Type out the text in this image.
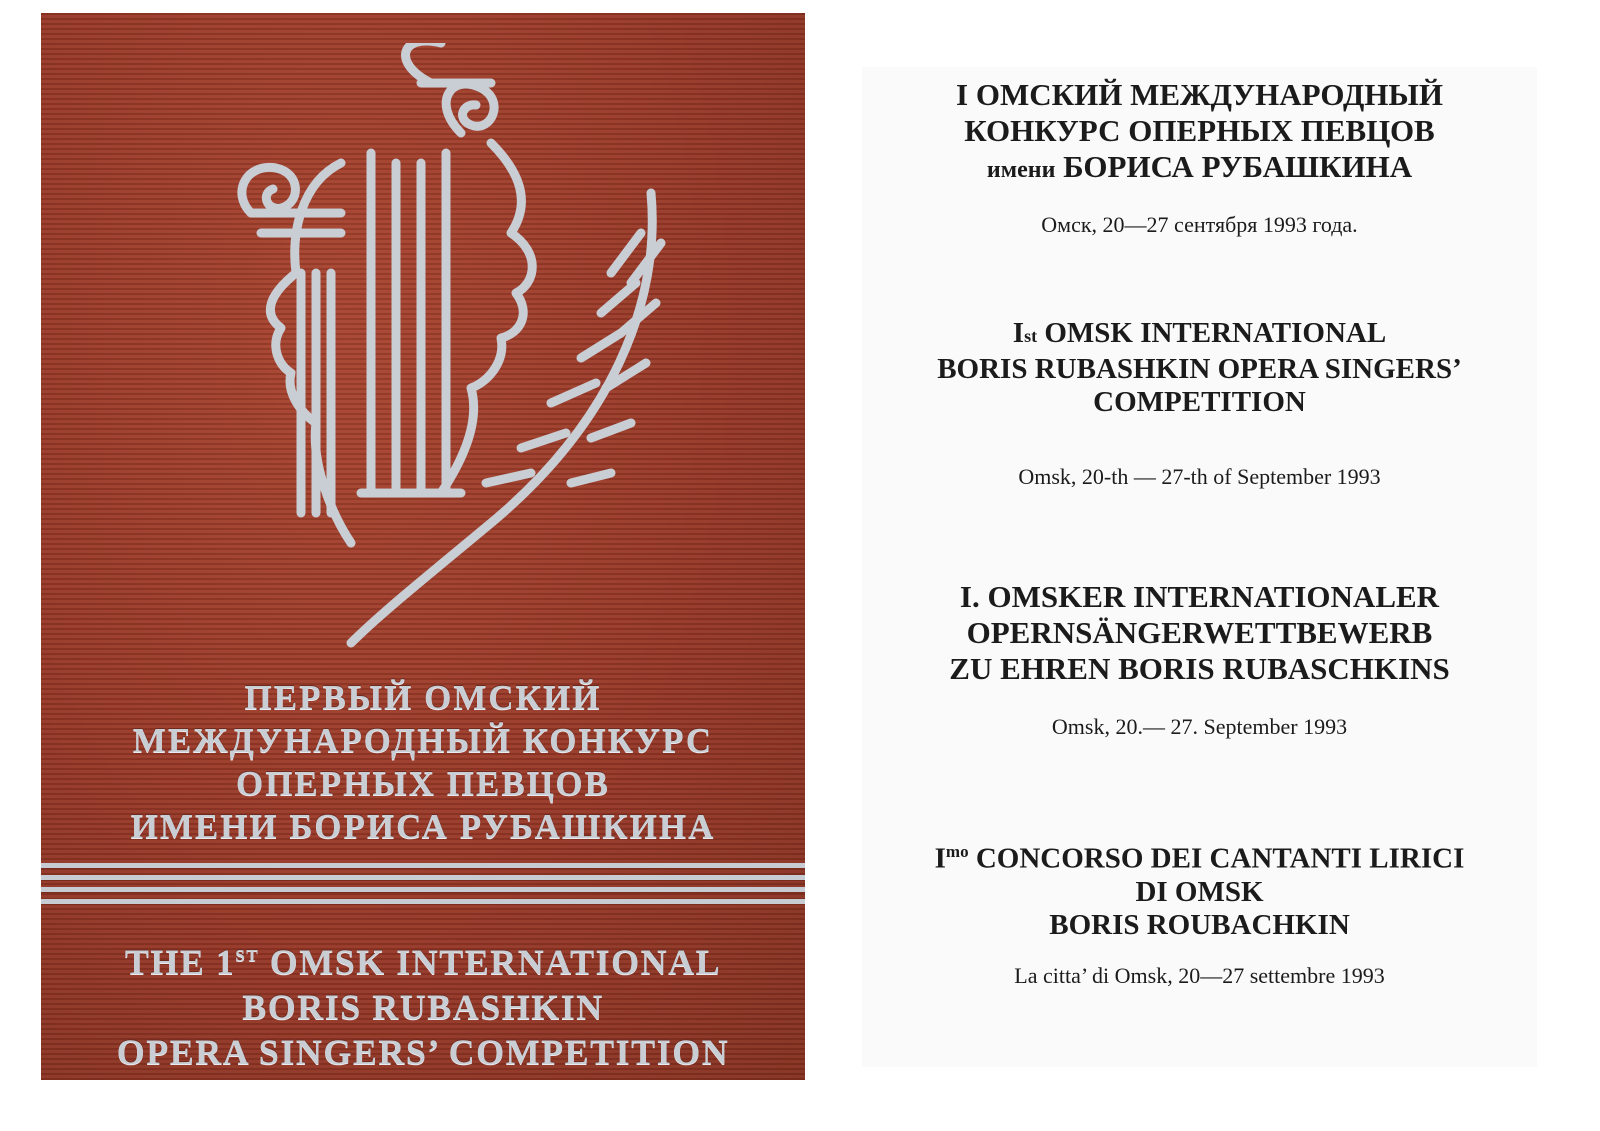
ПЕРВЫЙ ОМСКИЙ

МЕЖДУНАРОДНЫЙ КОНКУРС

ОПЕРНЫХ ПЕВЦОВ

ИМЕНИ БОРИСА РУБАШКИНА

THE 1ST OMSK INTERNATIONAL

BORIS RUBASHKIN

OPERA SINGERS’ COMPETITION

I ОМСКИЙ МЕЖДУНАРОДНЫЙ

КОНКУРС ОПЕРНЫХ ПЕВЦОВ

имени БОРИСА РУБАШКИНА

Омск, 20—27 сентября 1993 года.

Ist OMSK INTERNATIONAL

BORIS RUBASHKIN OPERA SINGERS’

COMPETITION

Omsk, 20-th — 27-th of September 1993

I. OMSKER INTERNATIONALER

OPERNSÄNGERWETTBEWERB

ZU EHREN BORIS RUBASCHKINS

Omsk, 20.— 27. September 1993

$I^{mo}$ CONCORSO DEI CANTANTI LIRICI

DI OMSK

BORIS ROUBACHKIN

La citta’ di Omsk, 20—27 settembre 1993
